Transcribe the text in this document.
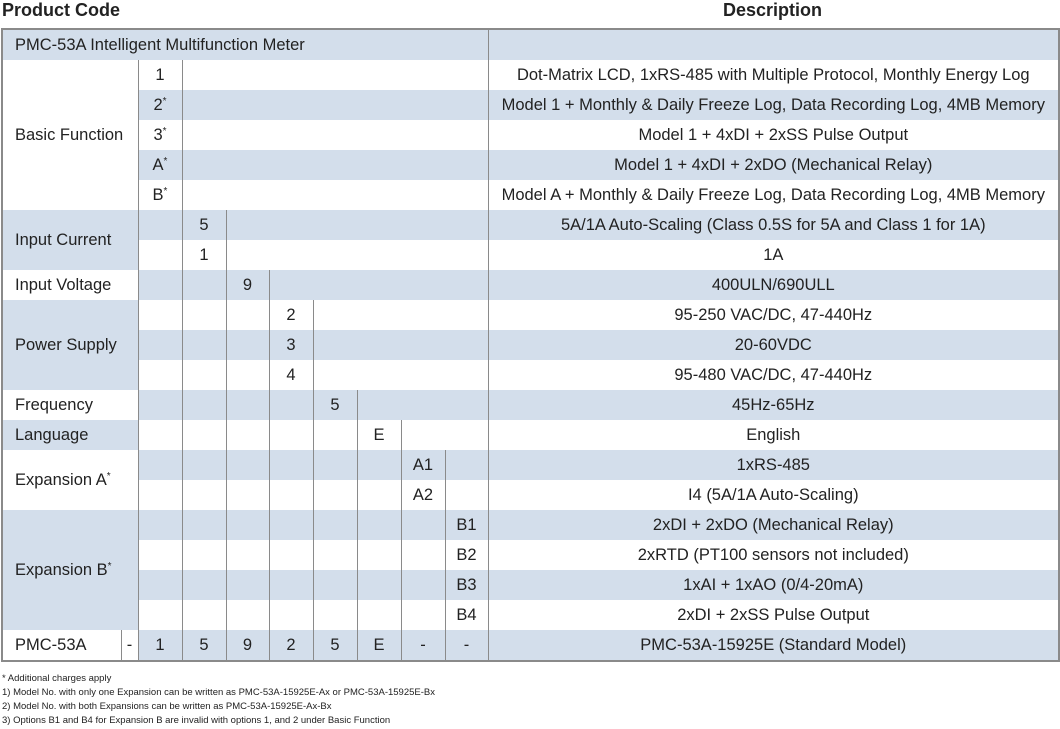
Product Code	Description
PMC-53A Intelligent Multifunction Meter										
Basic Function		1								Dot-Matrix LCD, 1xRS-485 with Multiple Protocol, Monthly Energy Log
		2*								Model 1 + Monthly & Daily Freeze Log, Data Recording Log, 4MB Memory
		3*								Model 1 + 4xDI + 2xSS Pulse Output
		A*								Model 1 + 4xDI + 2xDO (Mechanical Relay)
		B*								Model A + Monthly & Daily Freeze Log, Data Recording Log, 4MB Memory
Input Current			5							5A/1A Auto-Scaling (Class 0.5S for 5A and Class 1 for 1A)
			1							1A
Input Voltage				9						400ULN/690ULL
Power Supply					2					95-250 VAC/DC, 47-440Hz
					3					20-60VDC
					4					95-480 VAC/DC, 47-440Hz
Frequency						5				45Hz-65Hz
Language							E			English
Expansion A*								A1		1xRS-485
								A2		I4 (5A/1A Auto-Scaling)
Expansion B*									B1	2xDI + 2xDO (Mechanical Relay)
									B2	2xRTD (PT100 sensors not included)
									B3	1xAI + 1xAO (0/4-20mA)
									B4	2xDI + 2xSS Pulse Output
PMC-53A	-	1	5	9	2	5	E	-	-	PMC-53A-15925E (Standard Model)
* Additional charges apply
1) Model No. with only one Expansion can be written as PMC-53A-15925E-Ax or PMC-53A-15925E-Bx
2) Model No. with both Expansions can be written as PMC-53A-15925E-Ax-Bx
3) Options B1 and B4 for Expansion B are invalid with options 1, and 2 under Basic Function
